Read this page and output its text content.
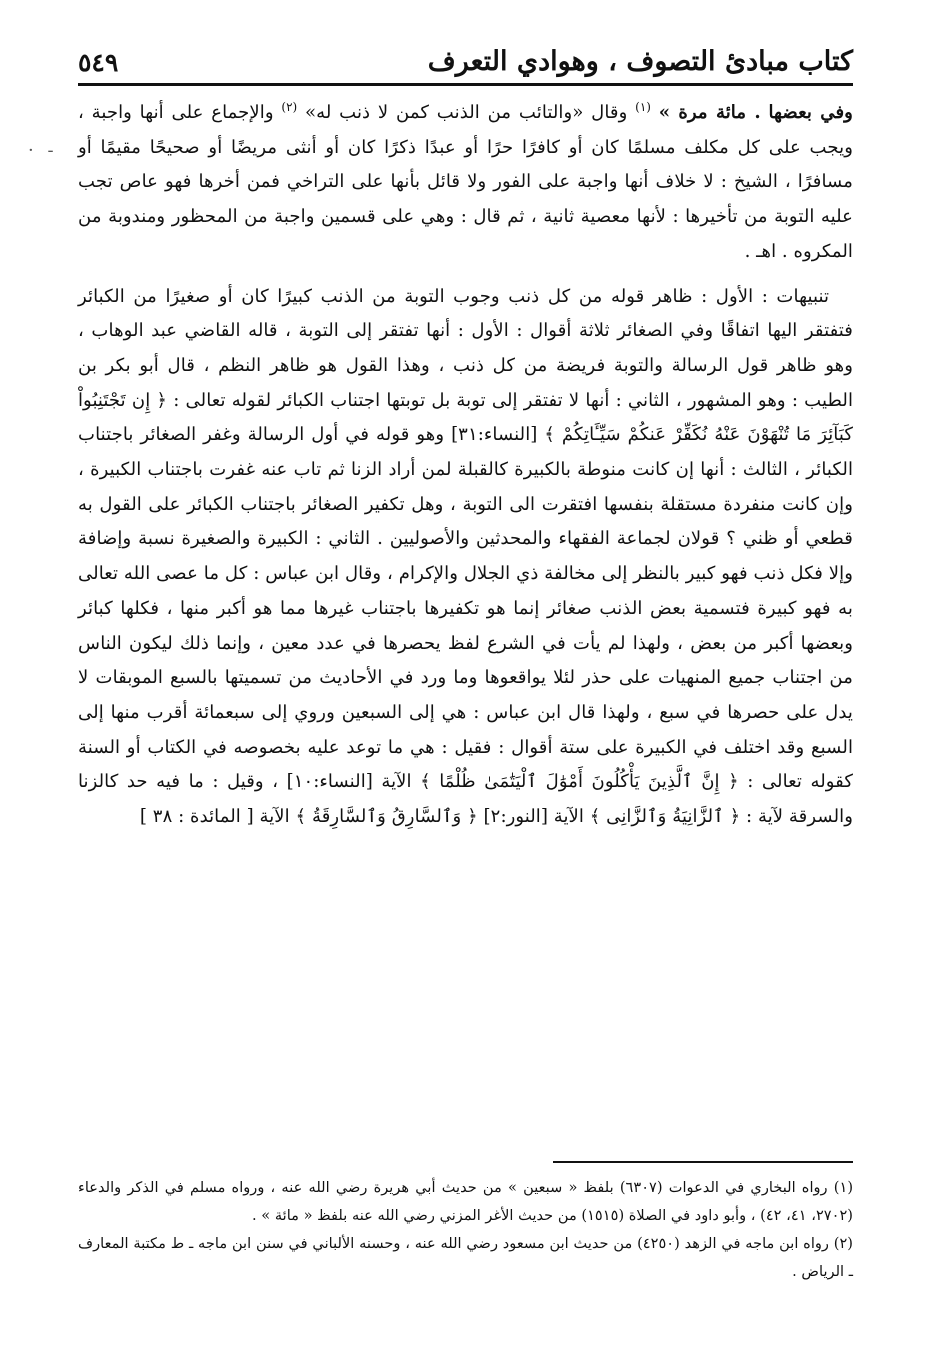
- ·
كتاب مبادئ التصوف ، وهوادي التعرف
٥٤٩

وفي بعضها . مائة مرة » $^{(١)}$ وقال «والتائب من الذنب كمن لا ذنب له» $^{(٢)}$ والإجماع على أنها واجبة ، ويجب على كل مكلف مسلمًا كان أو كافرًا حرًا أو عبدًا ذكرًا كان أو أنثى مريضًا أو صحيحًا مقيمًا أو مسافرًا ، الشيخ : لا خلاف أنها واجبة على الفور ولا قائل بأنها على التراخي فمن أخرها فهو عاص تجب عليه التوبة من تأخيرها : لأنها معصية ثانية ، ثم قال : وهي على قسمين واجبة من المحظور ومندوبة من المكروه . اهـ .

تنبيهات : الأول : ظاهر قوله من كل ذنب وجوب التوبة من الذنب كبيرًا كان أو صغيرًا من الكبائر فتفتقر اليها اتفاقًا وفي الصغائر ثلاثة أقوال : الأول : أنها تفتقر إلى التوبة ، قاله القاضي عبد الوهاب ، وهو ظاهر قول الرسالة والتوبة فريضة من كل ذنب ، وهذا القول هو ظاهر النظم ، قال أبو بكر بن الطيب : وهو المشهور ، الثاني : أنها لا تفتقر إلى توبة بل توبتها اجتناب الكبائر لقوله تعالى : ﴿ إِن تَجْتَنِبُواْ كَبَآئِرَ مَا تُنْهَوْنَ عَنْهُ نُكَفِّرْ عَنكُمْ سَيِّـَٔاتِكُمْ ﴾ [النساء:٣١] وهو قوله في أول الرسالة وغفر الصغائر باجتناب الكبائر ، الثالث : أنها إن كانت منوطة بالكبيرة كالقبلة لمن أراد الزنا ثم تاب عنه غفرت باجتناب الكبيرة ، وإن كانت منفردة مستقلة بنفسها افتقرت الى التوبة ، وهل تكفير الصغائر باجتناب الكبائر على القول به قطعي أو ظني ؟ قولان لجماعة الفقهاء والمحدثين والأصوليين . الثاني : الكبيرة والصغيرة نسبة وإضافة وإلا فكل ذنب فهو كبير بالنظر إلى مخالفة ذي الجلال والإكرام ، وقال ابن عباس : كل ما عصى الله تعالى به فهو كبيرة فتسمية بعض الذنب صغائر إنما هو تكفيرها باجتناب غيرها مما هو أكبر منها ، فكلها كبائر وبعضها أكبر من بعض ، ولهذا لم يأت في الشرع لفظ يحصرها في عدد معين ، وإنما ذلك ليكون الناس من اجتناب جميع المنهيات على حذر لئلا يواقعوها وما ورد في الأحاديث من تسميتها بالسبع الموبقات لا يدل على حصرها في سبع ، ولهذا قال ابن عباس : هي إلى السبعين وروي إلى سبعمائة أقرب منها إلى السبع وقد اختلف في الكبيرة على ستة أقوال : فقيل : هي ما توعد عليه بخصوصه في الكتاب أو السنة كقوله تعالى : ﴿ إِنَّ ٱلَّذِينَ يَأْكُلُونَ أَمْوَٰلَ ٱلْيَتَٰمَىٰ ظُلْمًا ﴾ الآية [النساء:١٠] ، وقيل : ما فيه حد كالزنا والسرقة لآية : ﴿ ٱلزَّانِيَةُ وَٱلزَّانِى ﴾ الآية [النور:٢] ﴿ وَٱلسَّارِقُ وَٱلسَّارِقَةُ ﴾ الآية [ المائدة : ٣٨ ]

(١) رواه البخاري في الدعوات (٦٣٠٧) بلفظ « سبعين » من حديث أبي هريرة رضي الله عنه ، ورواه مسلم في الذكر والدعاء (٢٧٠٢، ٤١، ٤٢) ، وأبو داود في الصلاة (١٥١٥) من حديث الأغر المزني رضي الله عنه بلفظ « مائة » .

(٢) رواه ابن ماجه في الزهد (٤٢٥٠) من حديث ابن مسعود رضي الله عنه ، وحسنه الألباني في سنن ابن ماجه ـ ط مكتبة المعارف ـ الرياض .
